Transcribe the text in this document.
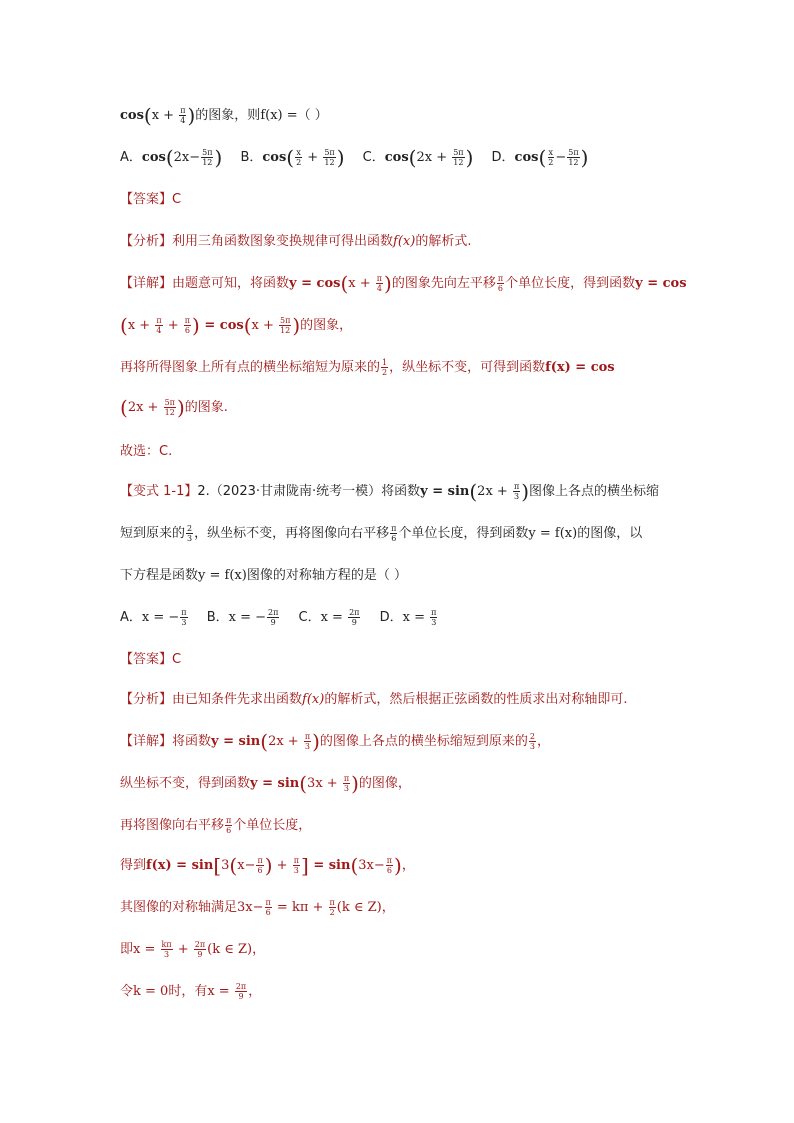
$\cos(x + \frac{\pi}{4}$ )的图象，则f(x) =（ ）
A．$\cos(2x- \frac{5\pi}{12}$ ) B．$\cos( \frac{x}{2} + \frac{5\pi}{12}$ ) C．$\cos(2x + \frac{5\pi}{12}$ ) D．$\cos( \frac{x}{2} - \frac{5\pi}{12}$ )
【答案】C
【分析】利用三角函数图象变换规律可得出函数f(x)的解析式.
【详解】由题意可知，将函数$y = \cos(x + \frac{\pi}{4}$ )的图象先向左平移 $\frac{\pi}{6}$ 个单位长度，得到函数y = cos
($x + \frac{\pi}{4} + \frac{\pi}{6}$ ) = $\cos(x + \frac{5\pi}{12}$ )的图象，
再将所得图象上所有点的横坐标缩短为原来的 $\frac{1}{2}$ ，纵坐标不变，可得到函数f(x) = cos
($2x + \frac{5\pi}{12}$ )的图象.
故选：C.
【变式 1-1】2.（2023·甘肃陇南·统考一模）将函数$y = \sin(2x + \frac{\pi}{3}$ )图像上各点的横坐标缩
短到原来的 $\frac{2}{3}$ ，纵坐标不变，再将图像向右平移 $\frac{\pi}{6}$ 个单位长度，得到函数y = f(x)的图像，以
下方程是函数y = f(x)图像的对称轴方程的是（ ）
A．x = − $\frac{\pi}{3}$ B．x = − $\frac{2\pi}{9}$ C．$x = \frac{2\pi}{9}$ D．$x = \frac{\pi}{3}$
【答案】C
【分析】由已知条件先求出函数f(x)的解析式，然后根据正弦函数的性质求出对称轴即可.
【详解】将函数$y = \sin(2x + \frac{\pi}{3}$ )的图像上各点的横坐标缩短到原来的 $\frac{2}{3}$ ，
纵坐标不变，得到函数$y = \sin(3x + \frac{\pi}{3}$ )的图像，
再将图像向右平移 $\frac{\pi}{6}$ 个单位长度，
得到$f(x) = \sin[3(x- \frac{\pi}{6}$ ) + $\frac{\pi}{3}$ ] = $\sin(3x- \frac{\pi}{6}$ )，
其图像的对称轴满足$3x- \frac{\pi}{6} = k\pi + \frac{\pi}{2} (k$ ∈ Z)，
即$x = \frac{k\pi}{3} + \frac{2\pi}{9} (k$ ∈ Z)，
令k = 0时，有$x = \frac{2\pi}{9}$ ，
